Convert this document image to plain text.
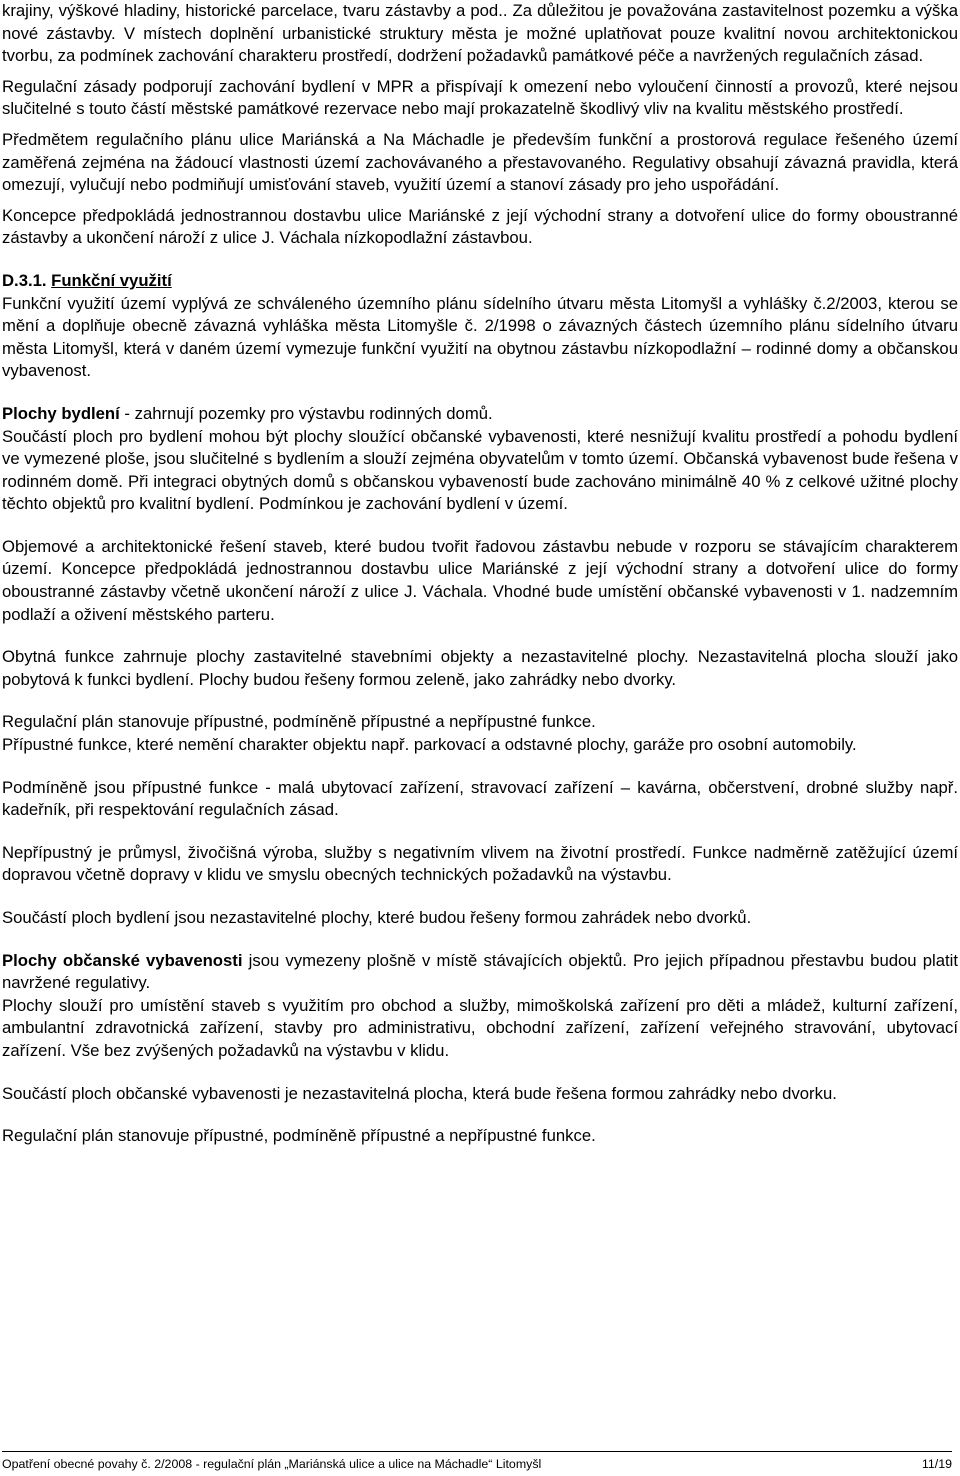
krajiny, výškové hladiny, historické parcelace, tvaru zástavby a pod.. Za důležitou je považována zastavitelnost pozemku a výška nové zástavby. V místech doplnění urbanistické struktury města je možné uplatňovat pouze kvalitní novou architektonickou tvorbu, za podmínek zachování charakteru prostředí, dodržení požadavků památkové péče a navržených regulačních zásad.

Regulační zásady podporují zachování bydlení v MPR a přispívají k omezení nebo vyloučení činností a provozů, které nejsou slučitelné s touto částí městské památkové rezervace nebo mají prokazatelně škodlivý vliv na kvalitu městského prostředí.

Předmětem regulačního plánu ulice Mariánská a Na Máchadle je především funkční a prostorová regulace řešeného území zaměřená zejména na žádoucí vlastnosti území zachovávaného a přestavovaného. Regulativy obsahují závazná pravidla, která omezují, vylučují nebo podmiňují umisťování staveb, využití území a stanoví zásady pro jeho uspořádání.

Koncepce předpokládá jednostrannou dostavbu ulice Mariánské z její východní strany a dotvoření ulice do formy oboustranné zástavby a ukončení nároží z ulice J. Váchala nízkopodlažní zástavbou.

D.3.1. Funkční využití

Funkční využití území vyplývá ze schváleného územního plánu sídelního útvaru města Litomyšl a vyhlášky č.2/2003, kterou se mění a doplňuje obecně závazná vyhláška města Litomyšle č. 2/1998 o závazných částech územního plánu sídelního útvaru města Litomyšl, která v daném území vymezuje funkční využití na obytnou zástavbu nízkopodlažní – rodinné domy a občanskou vybavenost.

Plochy bydlení - zahrnují pozemky pro výstavbu rodinných domů.

Součástí ploch pro bydlení mohou být plochy sloužící občanské vybavenosti, které nesnižují kvalitu prostředí a pohodu bydlení ve vymezené ploše, jsou slučitelné s bydlením a slouží zejména obyvatelům v tomto území. Občanská vybavenost bude řešena v rodinném domě. Při integraci obytných domů s občanskou vybaveností bude zachováno minimálně 40 % z celkové užitné plochy těchto objektů pro kvalitní bydlení. Podmínkou je zachování bydlení v území.

Objemové a architektonické řešení staveb, které budou tvořit řadovou zástavbu nebude v rozporu se stávajícím charakterem území. Koncepce předpokládá jednostrannou dostavbu ulice Mariánské z její východní strany a dotvoření ulice do formy oboustranné zástavby včetně ukončení nároží z ulice J. Váchala. Vhodné bude umístění občanské vybavenosti v 1. nadzemním podlaží a oživení městského parteru.

Obytná funkce zahrnuje plochy zastavitelné stavebními objekty a nezastavitelné plochy. Nezastavitelná plocha slouží jako pobytová k funkci bydlení. Plochy budou řešeny formou zeleně, jako zahrádky nebo dvorky.

Regulační plán stanovuje přípustné, podmíněně přípustné a nepřípustné funkce.

Přípustné funkce, které nemění charakter objektu např. parkovací a odstavné plochy, garáže pro osobní automobily.

Podmíněně jsou přípustné funkce - malá ubytovací zařízení, stravovací zařízení – kavárna, občerstvení, drobné služby např. kadeřník, při respektování regulačních zásad.

Nepřípustný je průmysl, živočišná výroba, služby s negativním vlivem na životní prostředí. Funkce nadměrně zatěžující území dopravou včetně dopravy v klidu ve smyslu obecných technických požadavků na výstavbu.

Součástí ploch bydlení jsou nezastavitelné plochy, které budou řešeny formou zahrádek nebo dvorků.

Plochy občanské vybavenosti jsou vymezeny plošně v místě stávajících objektů. Pro jejich případnou přestavbu budou platit navržené regulativy.

Plochy slouží pro umístění staveb s využitím pro obchod a služby, mimoškolská zařízení pro děti a mládež, kulturní zařízení, ambulantní zdravotnická zařízení, stavby pro administrativu, obchodní zařízení, zařízení veřejného stravování, ubytovací zařízení. Vše bez zvýšených požadavků na výstavbu v klidu.

Součástí ploch občanské vybavenosti je nezastavitelná plocha, která bude řešena formou zahrádky nebo dvorku.

Regulační plán stanovuje přípustné, podmíněně přípustné a nepřípustné funkce.

Opatření obecné povahy č. 2/2008 - regulační plán „Mariánská ulice a ulice na Máchadle“ Litomyšl	11/19
